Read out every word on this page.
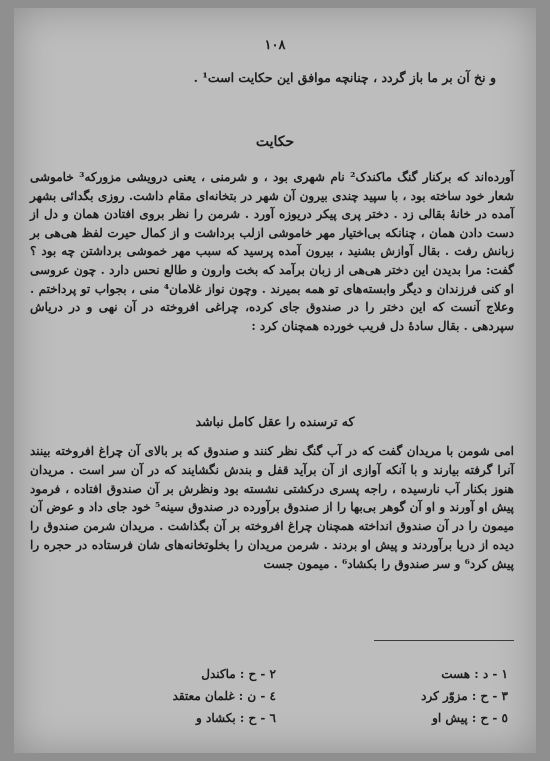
١٠٨
و نخ آن بر ما باز گردد ، چنانچه موافق این حکایت است¹ .
حکایت
آورده‌اند که برکنار گنگ ماکندک² نام شهری بود ، و شرمنی ، یعنی درویشی مزورکه³ خاموشی شعار خود ساخته بود ، با سپید چندی بیرون آن شهر در بتخانه‌ای مقام داشت. روزی بگدائی بشهر آمده در خانهٔ بقالی زد . دختر پری پیکر دریوزه آورد . شرمن را نظر بروی افتادن همان و دل از دست دادن همان ، چنانکه بی‌اختیار مهر خاموشی ازلب برداشت و از کمال حیرت لفظ هی‌هی بر زبانش رفت . بقال آوازش بشنید ، بیرون آمده پرسید که سبب مهر خموشی برداشتن چه بود ؟ گفت: مرا بدیدن این دختر هی‌هی از زبان برآمد که بخت وارون و طالع نحس دارد . چون عروسی او کنی فرزندان و دیگر وابسته‌های تو همه بمیرند . وچون نواز غلامان⁴ منی ، بجواب تو پرداختم . وعلاج آنست که این دختر را در صندوق جای کرده، چراغی افروخته در آن نهی و در دریاش سپردهی . بقال سادهٔ دل فریب خورده همچنان کرد :
که ترسنده را عقل کامل نباشد
امی شومن با مریدان گفت که در آب گنگ نظر کنند و صندوق که بر بالای آن چراغ افروخته بینند آنرا گرفته بیارند و با آنکه آوازی از آن برآید قفل و بندش نگشایند که در آن سر است . مریدان هنوز بکنار آب نارسیده ، راجه پسری درکشتی نشسته بود ونظرش بر آن صندوق افتاده ، فرمود پیش او آورند و او آن گوهر بی‌بها را از صندوق برآورده در صندوق سینه⁵ خود جای داد و عوض آن میمون را در آن صندوق انداخته همچنان چراغ افروخته بر آن بگذاشت . مریدان شرمن صندوق را دیده از دریا برآوردند و پیش او بردند . شرمن مریدان را بخلوتخانه‌های شان فرستاده در حجره را پیش کرد⁶ و سر صندوق را بکشاد⁶ . میمون جست
١ - د : هست
٣ - ح : مزوّر کرد
٥ - ح : پیش او
٢ - ح : ماکندل
٤ - ن : غلمان معتقد
٦ - ح : بکشاد و
